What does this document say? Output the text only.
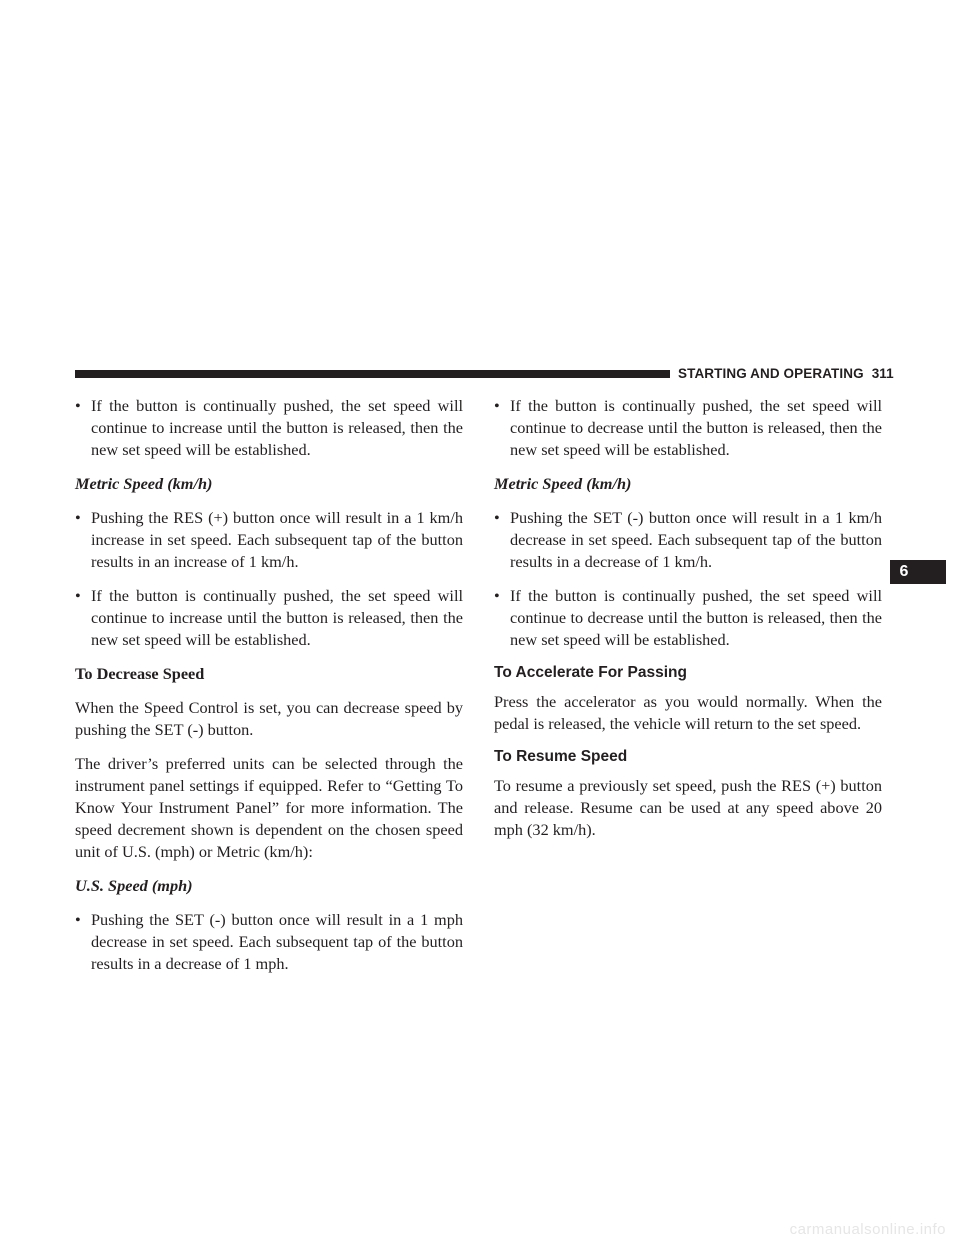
STARTING AND OPERATING 311
• If the button is continually pushed, the set speed will continue to increase until the button is released, then the new set speed will be established.
Metric Speed (km/h)
• Pushing the RES (+) button once will result in a 1 km/h increase in set speed. Each subsequent tap of the button results in an increase of 1 km/h.
• If the button is continually pushed, the set speed will continue to increase until the button is released, then the new set speed will be established.
To Decrease Speed
When the Speed Control is set, you can decrease speed by pushing the SET (-) button.
The driver’s preferred units can be selected through the instrument panel settings if equipped. Refer to “Getting To Know Your Instrument Panel” for more information. The speed decrement shown is dependent on the chosen speed unit of U.S. (mph) or Metric (km/h):
U.S. Speed (mph)
• Pushing the SET (-) button once will result in a 1 mph decrease in set speed. Each subsequent tap of the button results in a decrease of 1 mph.
• If the button is continually pushed, the set speed will continue to decrease until the button is released, then the new set speed will be established.
Metric Speed (km/h)
• Pushing the SET (-) button once will result in a 1 km/h decrease in set speed. Each subsequent tap of the button results in a decrease of 1 km/h.
• If the button is continually pushed, the set speed will continue to decrease until the button is released, then the new set speed will be established.
To Accelerate For Passing
Press the accelerator as you would normally. When the pedal is released, the vehicle will return to the set speed.
To Resume Speed
To resume a previously set speed, push the RES (+) button and release. Resume can be used at any speed above 20 mph (32 km/h).
6
carmanualsonline.info
